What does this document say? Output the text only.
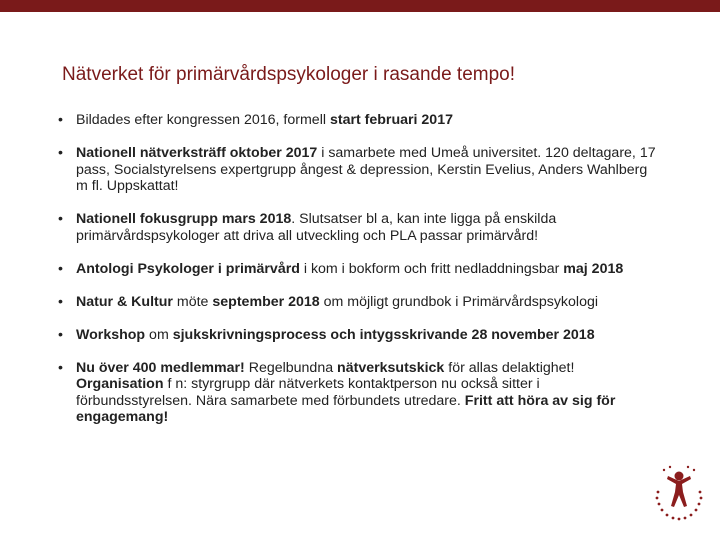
Nätverket för primärvårdspsykologer i rasande tempo!
• Bildades efter kongressen 2016, formell start februari 2017
• Nationell nätverksträff oktober 2017 i samarbete med Umeå universitet. 120 deltagare, 17 pass, Socialstyrelsens expertgrupp ångest & depression, Kerstin Evelius, Anders Wahlberg m fl. Uppskattat!
• Nationell fokusgrupp mars 2018. Slutsatser bl a, kan inte ligga på enskilda primärvårdspsykologer att driva all utveckling och PLA passar primärvård!
• Antologi Psykologer i primärvård i kom i bokform och fritt nedladdningsbar maj 2018
• Natur & Kultur möte september 2018 om möjligt grundbok i Primärvårdspsykologi
• Workshop om sjukskrivningsprocess och intygsskrivande 28 november 2018
• Nu över 400 medlemmar! Regelbundna nätverksutskick för allas delaktighet! Organisation f n: styrgrupp där nätverkets kontaktperson nu också sitter i förbundsstyrelsen. Nära samarbete med förbundets utredare. Fritt att höra av sig för engagemang!
